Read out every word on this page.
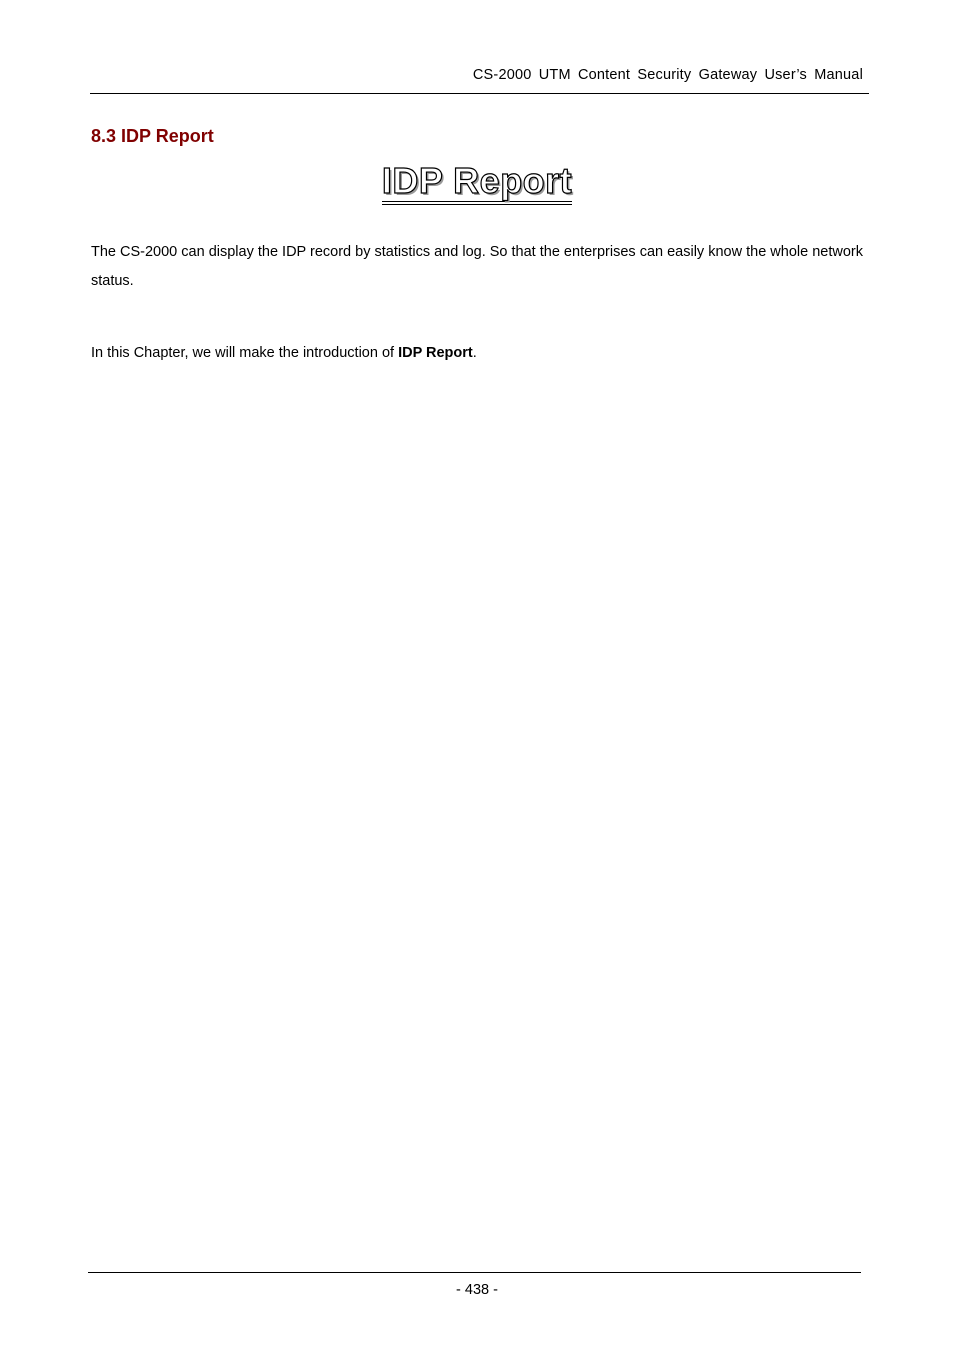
CS-2000 UTM Content Security Gateway User’s Manual
8.3 IDP Report
IDP Report

The CS-2000 can display the IDP record by statistics and log. So that the enterprises can easily know the whole network status.

In this Chapter, we will make the introduction of IDP Report.

- 438 -
